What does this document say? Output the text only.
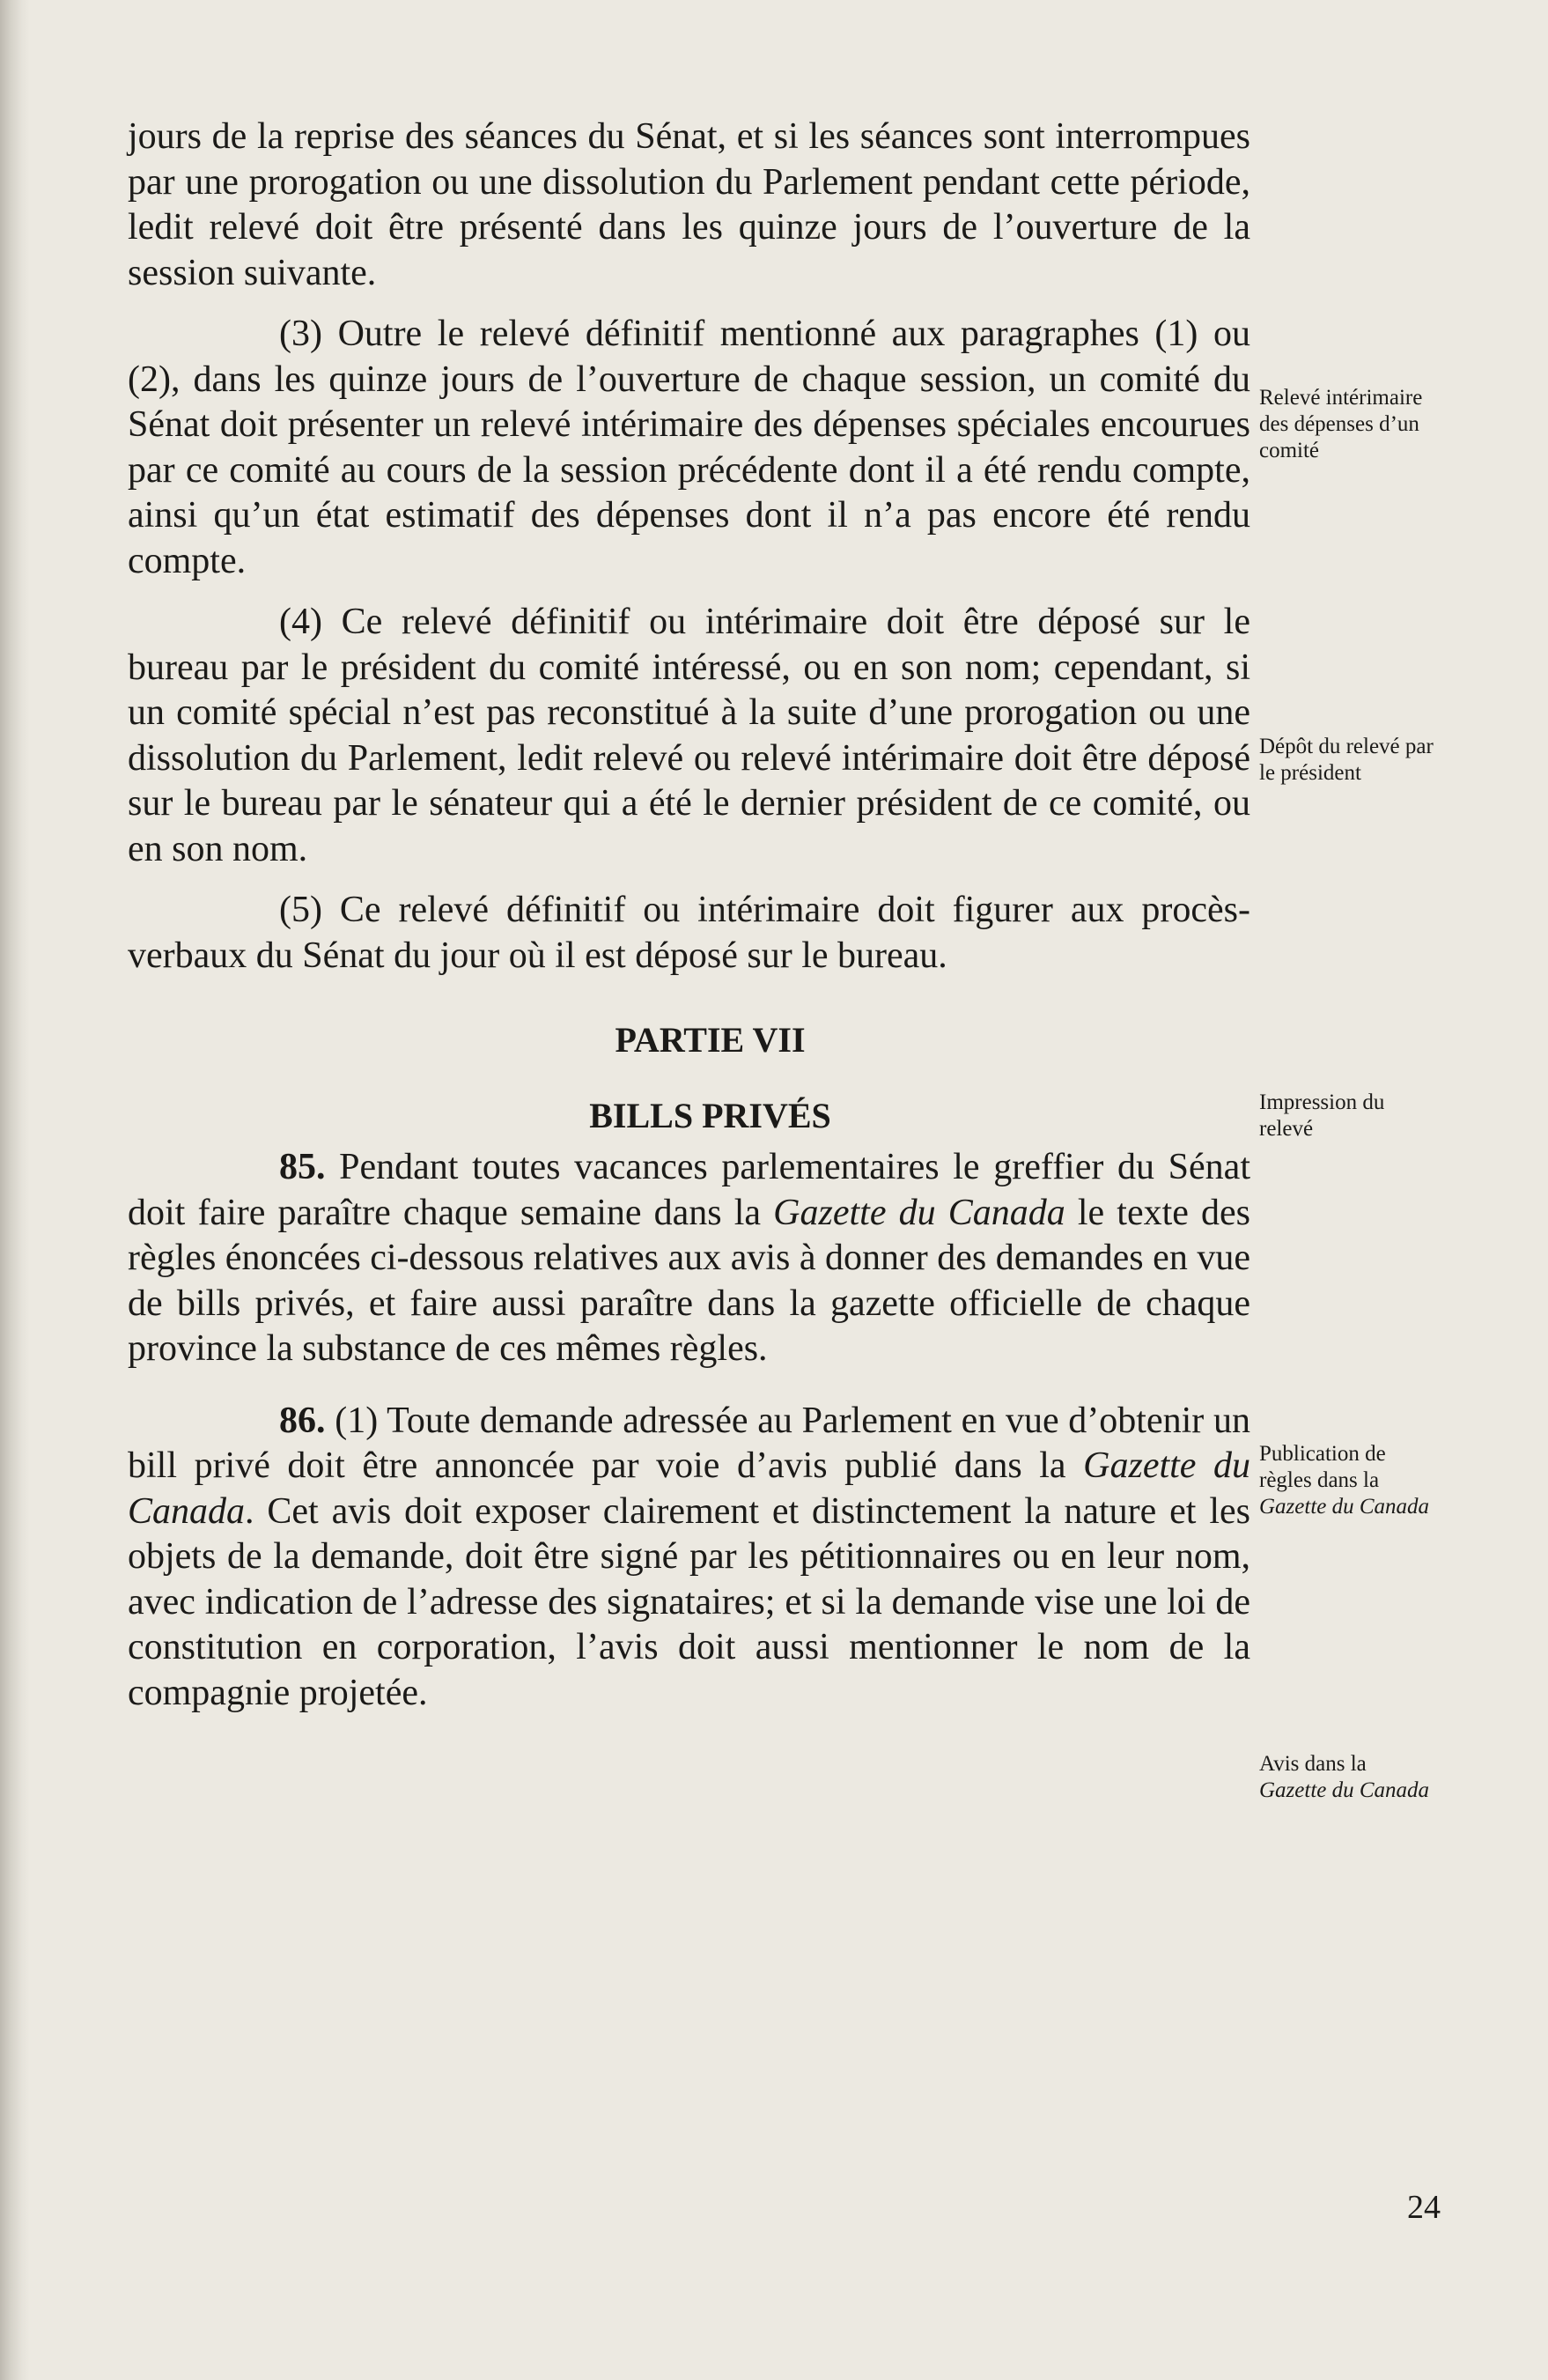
jours de la reprise des séances du Sénat, et si les séances sont interrompues par une prorogation ou une dissolution du Parlement pendant cette période, ledit relevé doit être présenté dans les quinze jours de l’ouverture de la session suivante.

(3) Outre le relevé définitif mentionné aux paragraphes (1) ou (2), dans les quinze jours de l’ouverture de chaque session, un comité du Sénat doit présenter un relevé intérimaire des dépenses spéciales encourues par ce comité au cours de la session précédente dont il a été rendu compte, ainsi qu’un état estimatif des dépenses dont il n’a pas encore été rendu compte.

(4) Ce relevé définitif ou intérimaire doit être déposé sur le bureau par le président du comité intéressé, ou en son nom; cependant, si un comité spécial n’est pas reconstitué à la suite d’une prorogation ou une dissolution du Parlement, ledit relevé ou relevé intérimaire doit être déposé sur le bureau par le sénateur qui a été le dernier président de ce comité, ou en son nom.

(5) Ce relevé définitif ou intérimaire doit figurer aux procès-verbaux du Sénat du jour où il est déposé sur le bureau.

PARTIE VII

BILLS PRIVÉS

85. Pendant toutes vacances parlementaires le greffier du Sénat doit faire paraître chaque semaine dans la Gazette du Canada le texte des règles énoncées ci-dessous relatives aux avis à donner des demandes en vue de bills privés, et faire aussi paraître dans la gazette officielle de chaque province la substance de ces mêmes règles.

86. (1) Toute demande adressée au Parlement en vue d’obtenir un bill privé doit être annoncée par voie d’avis publié dans la Gazette du Canada. Cet avis doit exposer clairement et distinctement la nature et les objets de la demande, doit être signé par les pétitionnaires ou en leur nom, avec indication de l’adresse des signataires; et si la demande vise une loi de constitution en corporation, l’avis doit aussi mentionner le nom de la compagnie projetée.

Relevé intérimaire des dépenses d’un comité
Dépôt du relevé par le président
Impression du relevé
Publication de règles dans la
Gazette du Canada
Avis dans la
Gazette du Canada
24
